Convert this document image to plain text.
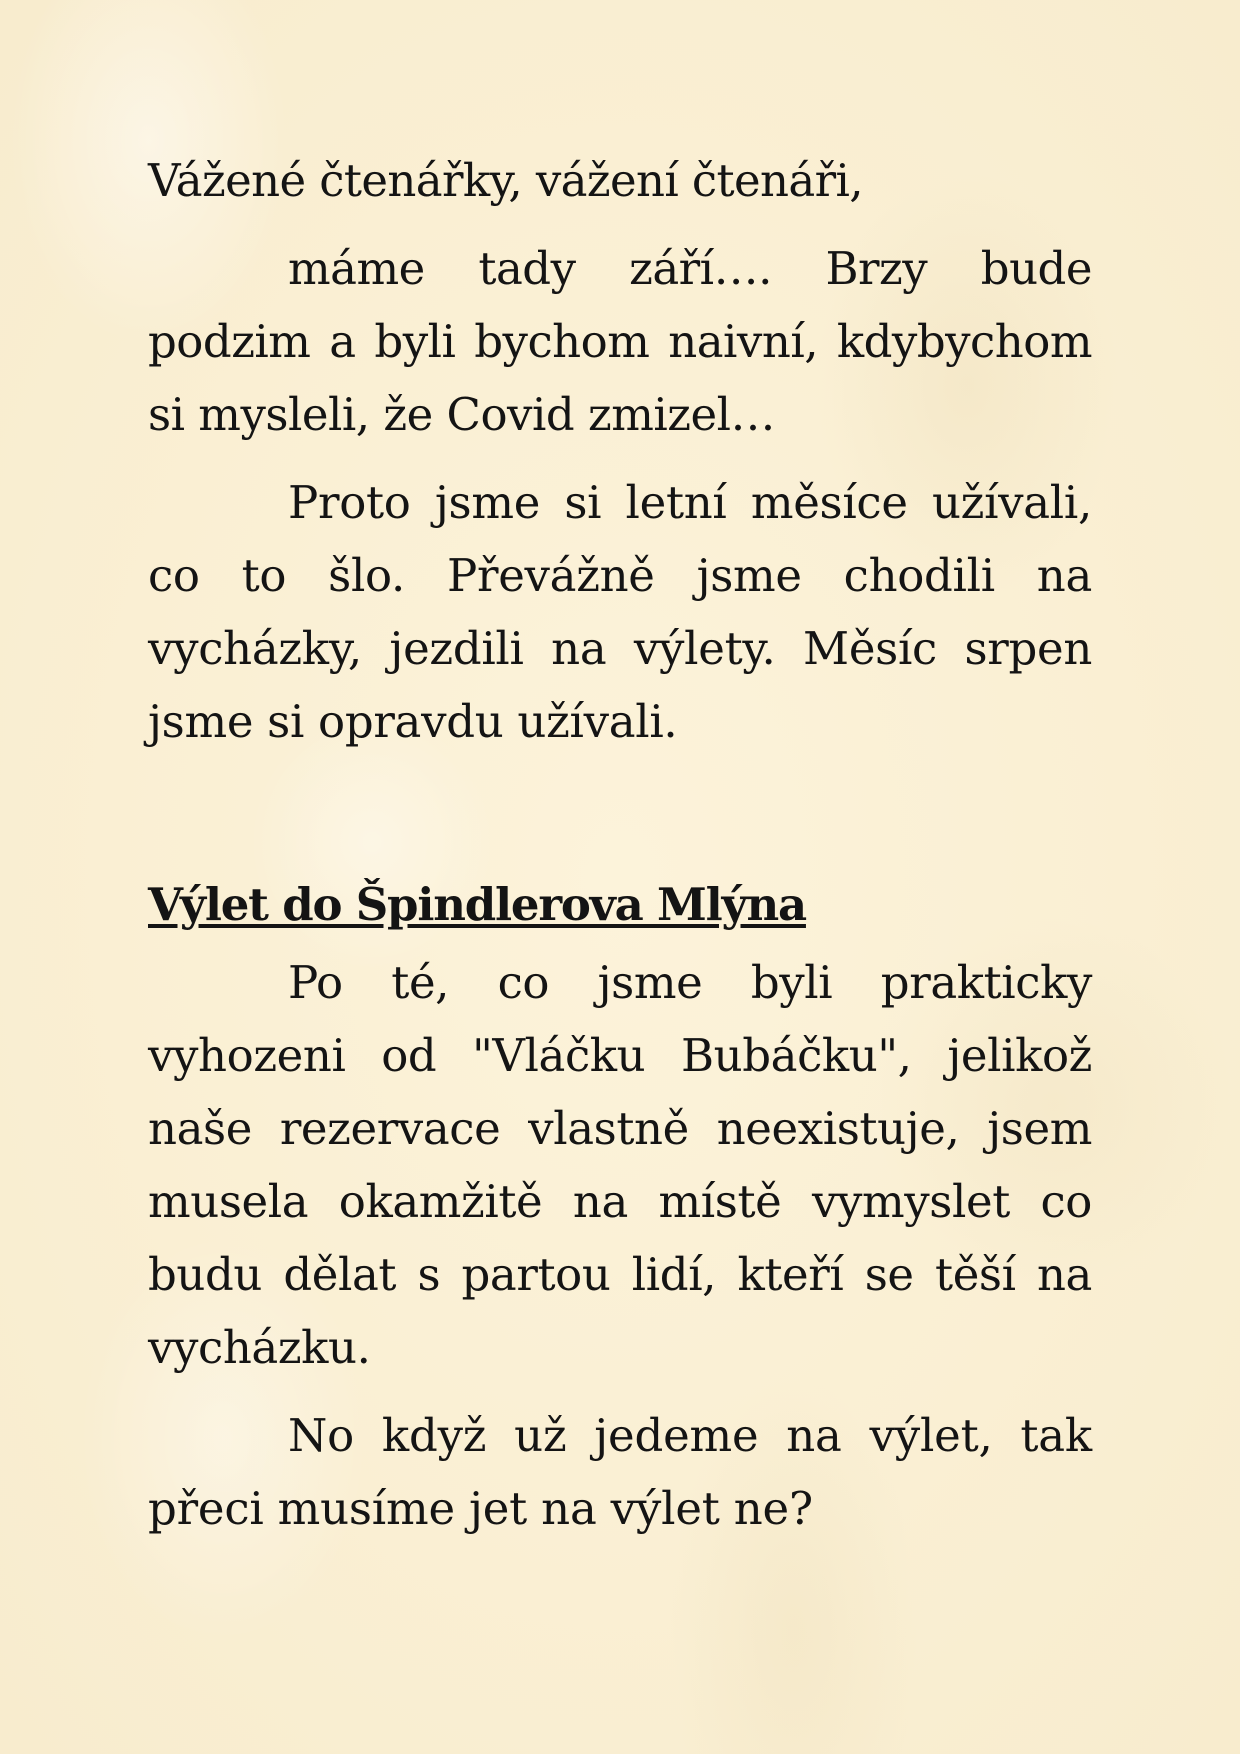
Vážené čtenářky, vážení čtenáři,

máme tady září…. Brzy bude podzim a byli bychom naivní, kdybychom si mysleli, že Covid zmizel…

Proto jsme si letní měsíce užívali, co to šlo. Převážně jsme chodili na vycházky, jezdili na výlety. Měsíc srpen jsme si opravdu užívali.

Výlet do Špindlerova Mlýna

Po té, co jsme byli prakticky vyhozeni od "Vláčku Bubáčku", jelikož naše rezervace vlastně neexistuje, jsem musela okamžitě na místě vymyslet co budu dělat s partou lidí, kteří se těší na vycházku.

No když už jedeme na výlet, tak přeci musíme jet na výlet ne?
